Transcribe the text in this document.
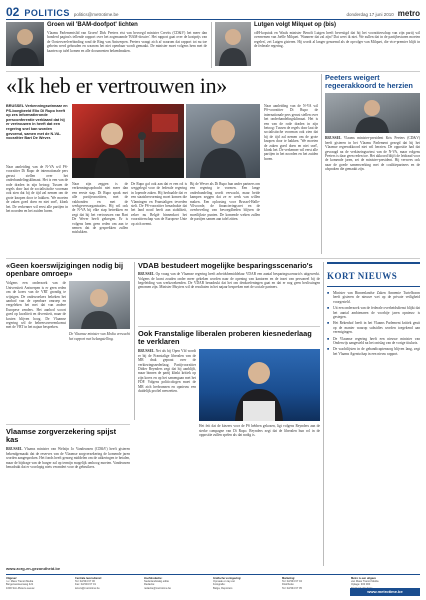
02 POLITICS politics@metrotime.be	donderdag 17 juni 2010 metro
Groen wil 'BAM-doofpot' lichten
Vlaams Parlementslid van Groen! Dirk Peeters eist van bevoegd minister Crevits (CD&V) het meer dan honderd pagina's tellende rapport over het zogenaamde 'BAM-dossier'. Het rapport gaat over de kostprijs van de Oosterweelverbinding rond de Ring van Antwerpen. Peeters vraagt zich af waarom dat rapport tot nu toe geheim werd gehouden en waarom het niet openbaar wordt gemaakt. De minister moet volgens hem met de kaarten op tafel komen en alle documenten bekendmaken.
Lutgen volgt Milquet op (bis)
cdH-kopstuk en Waals minister Benoît Lutgen heeft bevestigd dat hij het voorzitterschap van zijn partij wil overnemen van Joëlle Milquet. 'Wanneer dat zal zijn? Dat weet ik niet. We zullen dat in de partijbesturen moeten regelen', zei Lutgen gisteren. Hij wordt al langer genoemd als de opvolger van Milquet, die vice-premier blijft in de federale regering.
«Ik heb er vertrouwen in»
BRUSSEL Verkenningswinnaar en PS-boegbeeld Elio Di Rupo heeft op zes informatieronde persconferentie verklaard dat hij er vertrouwen in heeft dat een regering snel kan worden gevormd, samen met de N-VA-voorzitter Bart De Wever.
Naar aanleiding van de N-VA wil PS-voorzitter Di Rupo de internationale pers gerust stellen over het onderhandelingsklimaat. Het is een van de rode draden in zijn betoog: Tussen de regels door laat de socialistische voorman ook zien dat hij de tijd zal nemen om de grote knopen door te hakken. 'We moeten de zaken goed doen en niet snel', klonk het. De verkenner wil eerst alle partijen in het noorden en het zuiden horen.
Naar zijn zeggen is de verkenningsopdracht niet meer dan een eerste stap. Di Rupo sprak met alle partijvoorzitters, met de vakbonden en met de werkgeversorganisaties. Hij wil ook de N-VA bij elke stap betrekken en zegt dat hij het vertrouwen van Bart De Wever heeft gekregen. Er is volgens hem geen reden om aan te nemen dat de gesprekken zullen mislukken.
De Rupo gaf ook aan dat er een rol is weggelegd voor de federale regering in lopende zaken. Hij herhaalde dat er een staatshervorming moet komen die Vlamingen en Franstaligen tevreden stelt. De PS-voorzitter benadrukte dat het land nood heeft aan stabiliteit, zeker nu België binnenkort het voorzitterschap van de Europese Unie op zich neemt.
Bij de Wever als Di Rupo hun ander partners om een regering te vormen. Een lange onderhandeling wordt verwacht, maar beide kampen zeggen dat ze er werk van willen maken. Een oplossing voor Brussel-Halle-Vilvoorde, de financieringswet en de overheveling van bevoegdheden blijven de moeilijkste punten. De komende weken zullen de partijen samen aan tafel zitten.
Naar aanleiding van de N-VA wil PS-voorzitter Di Rupo de internationale pers gerust stellen over het onderhandelingsklimaat. Het is een van de rode draden in zijn betoog: Tussen de regels door laat de socialistische voorman ook zien dat hij de tijd zal nemen om de grote knopen door te hakken. 'We moeten de zaken goed doen en niet snel', klonk het. De verkenner wil eerst alle partijen in het noorden en het zuiden horen.
Peeters weigert regeerakkoord te herzien
BRUSSEL Vlaams minister-president Kris Peeters (CD&V) heeft gisteren in het Vlaams Parlement gezegd dat hij het Vlaamse regeerakkoord niet wil herzien. De oppositie had dat gevraagd na de verkiezingswinst van de N-VA, maar volgens Peeters is daar geen reden toe. Het akkoord blijft de leidraad voor de komende jaren, zei de minister-president. Hij verwees ook naar de goede samenwerking met de coalitiepartners en de afspraken die gemaakt zijn.
«Geen koerswijzigingen nodig bij openbare omroep»
Volgens een onderzoek van de Universiteit Antwerpen is er geen reden om de koers van de VRT grondig te wijzigen. De onderzoekers bekeken het aanbod van de openbare omroep en vergeleken het met dat van andere Europese zenders. Het aanbod scoort goed op kwaliteit en diversiteit, maar de kosten blijven hoog. De Vlaamse regering wil de beheersovereenkomst met de VRT in het najaar bespreken.
De Vlaamse minister van Media verwacht het rapport met belangstelling.
VDAB bestudeert mogelijke besparingsscenario's
BRUSSEL Op vraag van de Vlaamse regering heeft arbeidsbemiddelaar VDAB een aantal besparingsscenario's uitgewerkt. Volgens de krant zouden onder meer gekeken worden naar de opening van kantoren en de inzet van personeel bij de begeleiding van werkzoekenden. De VDAB benadrukt dat het om denkoefeningen gaat en dat er nog geen beslissingen genomen zijn. Minister Muyters wil de resultaten in het najaar bespreken met de sociale partners.
Ook Franstalige liberalen proberen kiesnederlaag te verklaren
BRUSSEL Net als bij Open Vld wordt er bij de Franstalige liberalen van de MR druk gepraat over de verkiezingsnederlaag. Partijvoorzitter Didier Reynders zegt dat hij aanblijft, maar binnen de partij klinkt kritiek op zijn koers en op het samengaan met het FDF. Volgens politicologen moet de MR zich herbronnen en opnieuw een duidelijk profiel neerzetten.
Het feit dat de kiezers voor de PS hebben gekozen, ligt volgens Reynders aan de sterke campagne van Di Rupo. Reynders zegt dat de liberalen hun rol in de oppositie zullen spelen als dat nodig is.
KORT NIEUWS
■ Minister van Binnenlandse Zaken Annemie Turtelboom heeft gisteren de nieuwe wet op de private veiligheid voorgesteld.
■ Uit een onderzoek van de federale overheidsdienst blijkt dat het aantal ambtenaren de voorbije jaren opnieuw is gestegen.
■ Het Rekenhof heeft in het Vlaams Parlement kritiek geuit op de manier waarop subsidies worden toegekend aan verenigingen.
■ De Vlaamse regering heeft een nieuwe minister van Onderwijs aangesteld na het ontslag van de vorige titularis.
■ De wachtlijsten in de gehandicaptenzorg blijven lang, zegt het Vlaams Agentschap in een nieuw rapport.
Vlaamse zorgverzekering spijst kas
BRUSSEL Vlaams minister van Welzijn Jo Vandeurzen (CD&V) heeft gisteren bekendgemaakt dat de reserves van de Vlaamse zorgverzekering de komende jaren worden aangesproken. Het fonds heeft genoeg middelen om de uitkeringen te betalen, maar de bijdrage van de burger zal op termijn mogelijk omhoog moeten. Vandeurzen benadrukt dat er voorlopig niets verandert voor de gebruikers.
www.zorg-en-gezondheid.be
Uitgever:
n.v. Mass Transit Media
Bergensesteenweg 421
1600 Sint-Pieters-Leeuw
Centrale lezersdienst:
Tel: 02/334 67 00
Fax: 02/334 67 01
lezers@metrotime.be
Hoofdredactie:
Nederlandstalig editie
Redactie:
redactie@metrotime.be
Grafische vormgeving:
Opmaak en lay-out
Fotografie:
Belga, Reporters
Marketing:
Tel: 02/334 67 04
Distributie:
Tel: 02/334 67 05
Metro is een uitgave
van Mass Transit Media
Oplage: 300 000

www.metrotime.be
